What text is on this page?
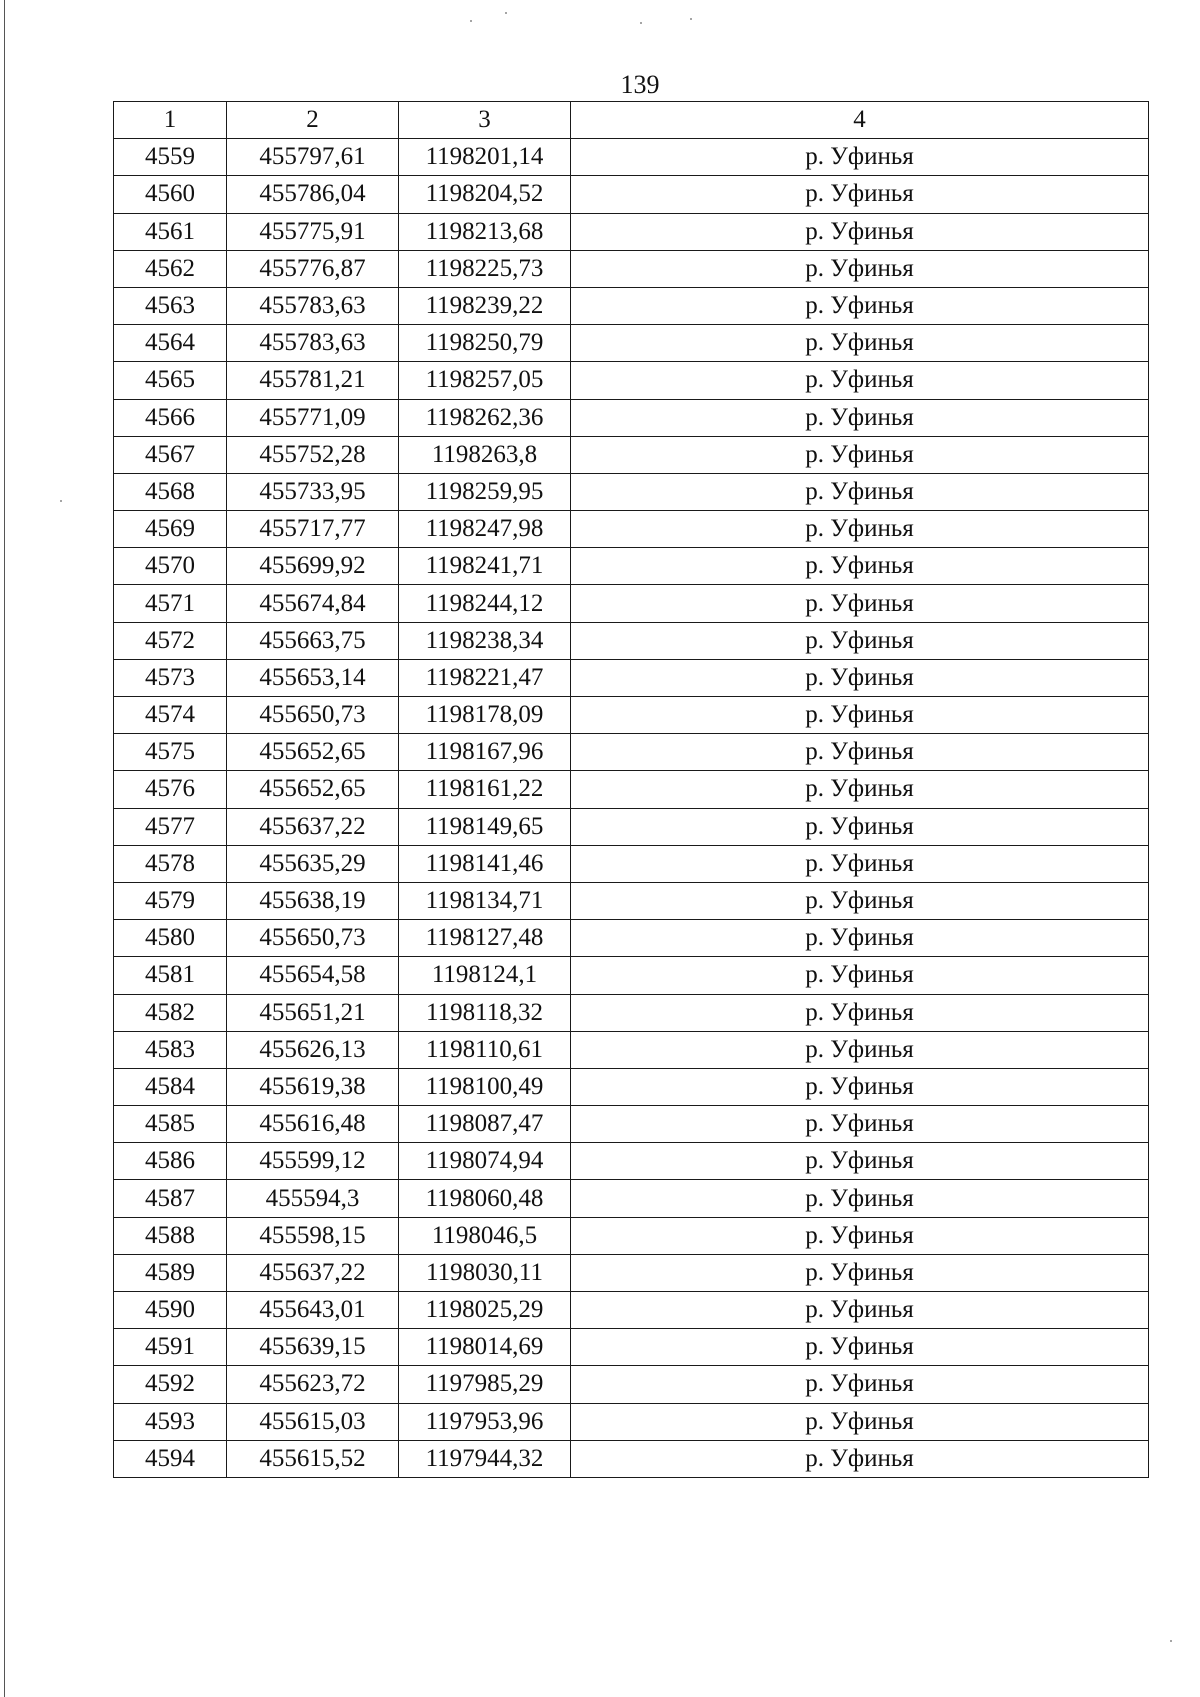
139
1	2	3	4
4559	455797,61	1198201,14	р. Уфинья
4560	455786,04	1198204,52	р. Уфинья
4561	455775,91	1198213,68	р. Уфинья
4562	455776,87	1198225,73	р. Уфинья
4563	455783,63	1198239,22	р. Уфинья
4564	455783,63	1198250,79	р. Уфинья
4565	455781,21	1198257,05	р. Уфинья
4566	455771,09	1198262,36	р. Уфинья
4567	455752,28	1198263,8	р. Уфинья
4568	455733,95	1198259,95	р. Уфинья
4569	455717,77	1198247,98	р. Уфинья
4570	455699,92	1198241,71	р. Уфинья
4571	455674,84	1198244,12	р. Уфинья
4572	455663,75	1198238,34	р. Уфинья
4573	455653,14	1198221,47	р. Уфинья
4574	455650,73	1198178,09	р. Уфинья
4575	455652,65	1198167,96	р. Уфинья
4576	455652,65	1198161,22	р. Уфинья
4577	455637,22	1198149,65	р. Уфинья
4578	455635,29	1198141,46	р. Уфинья
4579	455638,19	1198134,71	р. Уфинья
4580	455650,73	1198127,48	р. Уфинья
4581	455654,58	1198124,1	р. Уфинья
4582	455651,21	1198118,32	р. Уфинья
4583	455626,13	1198110,61	р. Уфинья
4584	455619,38	1198100,49	р. Уфинья
4585	455616,48	1198087,47	р. Уфинья
4586	455599,12	1198074,94	р. Уфинья
4587	455594,3	1198060,48	р. Уфинья
4588	455598,15	1198046,5	р. Уфинья
4589	455637,22	1198030,11	р. Уфинья
4590	455643,01	1198025,29	р. Уфинья
4591	455639,15	1198014,69	р. Уфинья
4592	455623,72	1197985,29	р. Уфинья
4593	455615,03	1197953,96	р. Уфинья
4594	455615,52	1197944,32	р. Уфинья
